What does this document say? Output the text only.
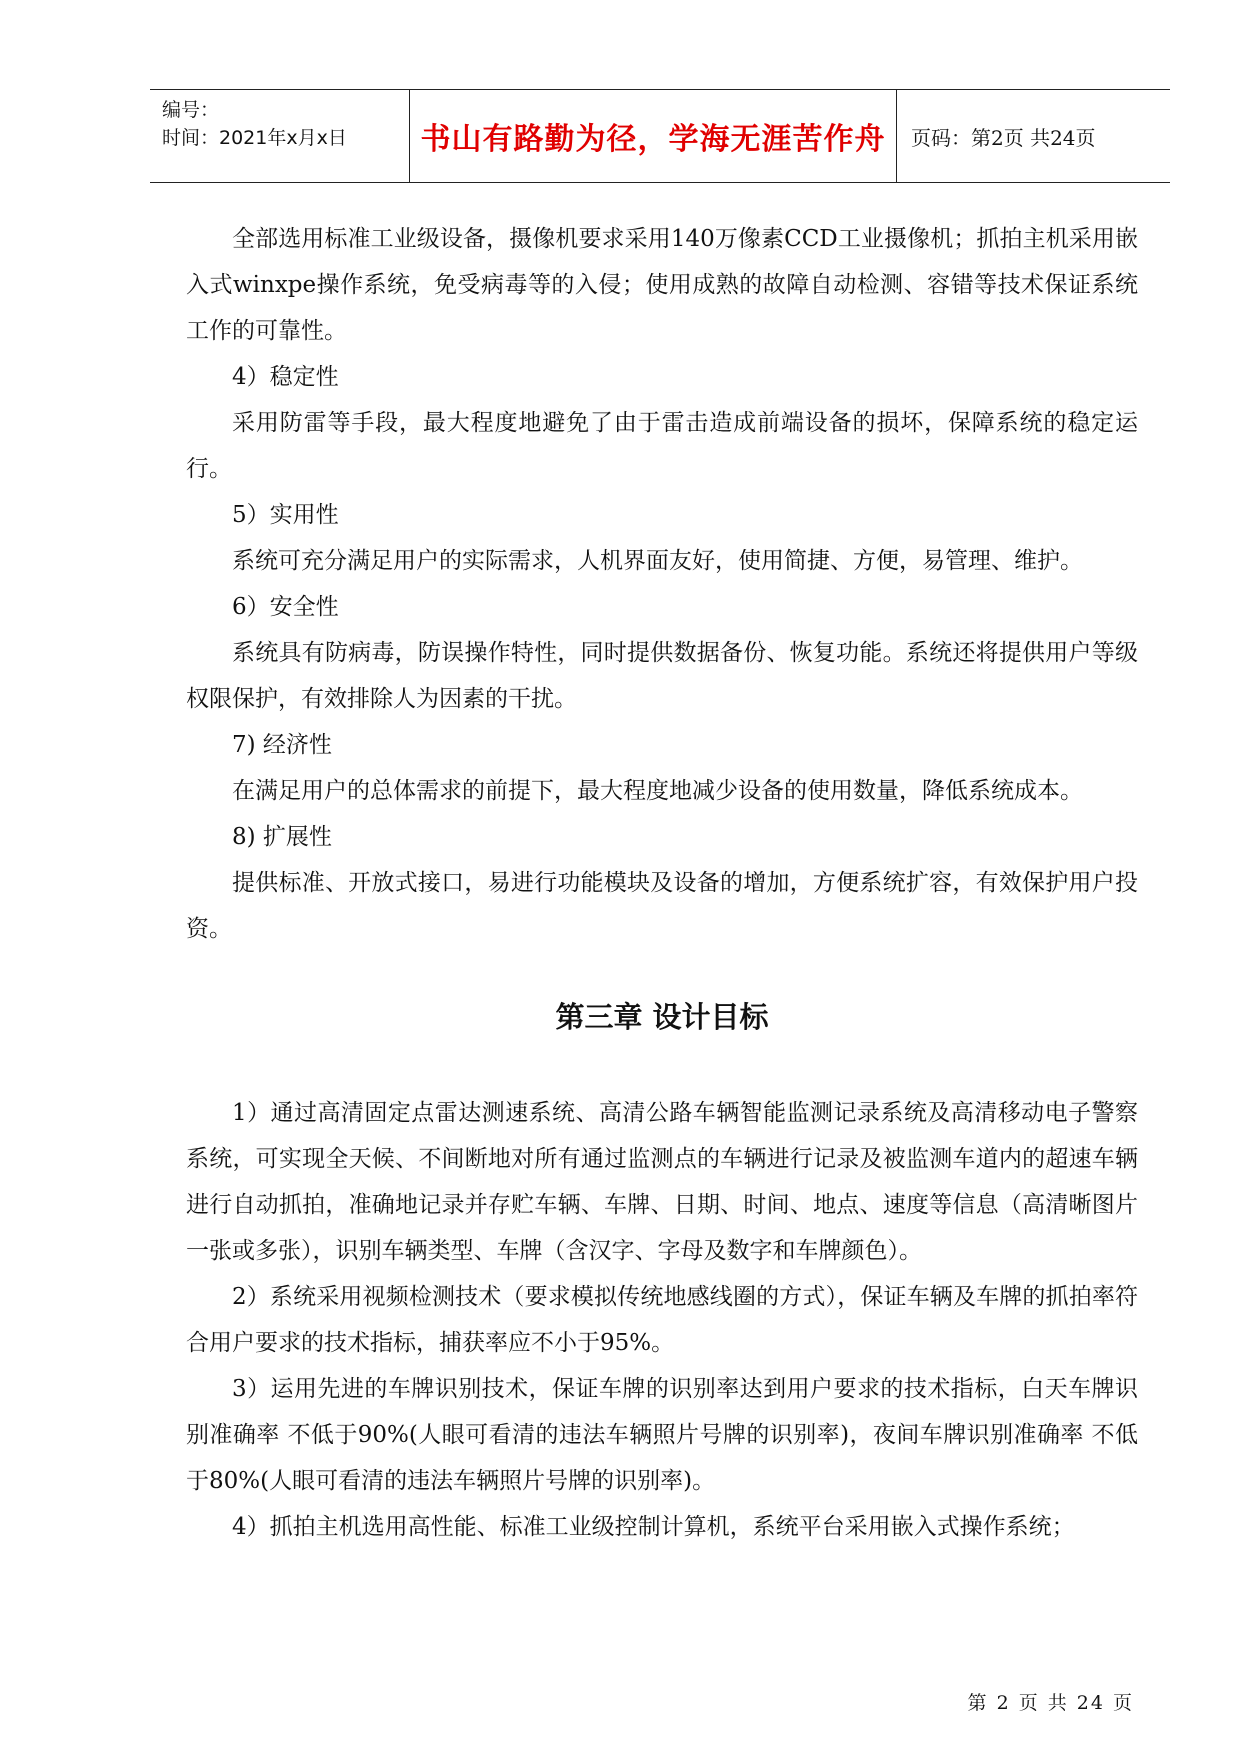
编号：
时间：2021年x月x日	书山有路勤为径，学海无涯苦作舟	页码：第2页 共24页

全部选用标准工业级设备，摄像机要求采用140万像素CCD工业摄像机；抓拍主机采用嵌入式winxpe操作系统，免受病毒等的入侵；使用成熟的故障自动检测、容错等技术保证系统工作的可靠性。

4）稳定性

采用防雷等手段，最大程度地避免了由于雷击造成前端设备的损坏，保障系统的稳定运行。

5）实用性

系统可充分满足用户的实际需求，人机界面友好，使用简捷、方便，易管理、维护。

6）安全性

系统具有防病毒，防误操作特性，同时提供数据备份、恢复功能。系统还将提供用户等级权限保护，有效排除人为因素的干扰。

7) 经济性

在满足用户的总体需求的前提下，最大程度地减少设备的使用数量，降低系统成本。

8) 扩展性

提供标准、开放式接口，易进行功能模块及设备的增加，方便系统扩容，有效保护用户投资。

第三章 设计目标

1）通过高清固定点雷达测速系统、高清公路车辆智能监测记录系统及高清移动电子警察系统，可实现全天候、不间断地对所有通过监测点的车辆进行记录及被监测车道内的超速车辆进行自动抓拍，准确地记录并存贮车辆、车牌、日期、时间、地点、速度等信息（高清晰图片一张或多张），识别车辆类型、车牌（含汉字、字母及数字和车牌颜色）。

2）系统采用视频检测技术（要求模拟传统地感线圈的方式），保证车辆及车牌的抓拍率符合用户要求的技术指标，捕获率应不小于95%。

3）运用先进的车牌识别技术，保证车牌的识别率达到用户要求的技术指标，白天车牌识别准确率 不低于90%(人眼可看清的违法车辆照片号牌的识别率)，夜间车牌识别准确率 不低于80%(人眼可看清的违法车辆照片号牌的识别率)。

4）抓拍主机选用高性能、标准工业级控制计算机，系统平台采用嵌入式操作系统；

第 2 页 共 24 页
